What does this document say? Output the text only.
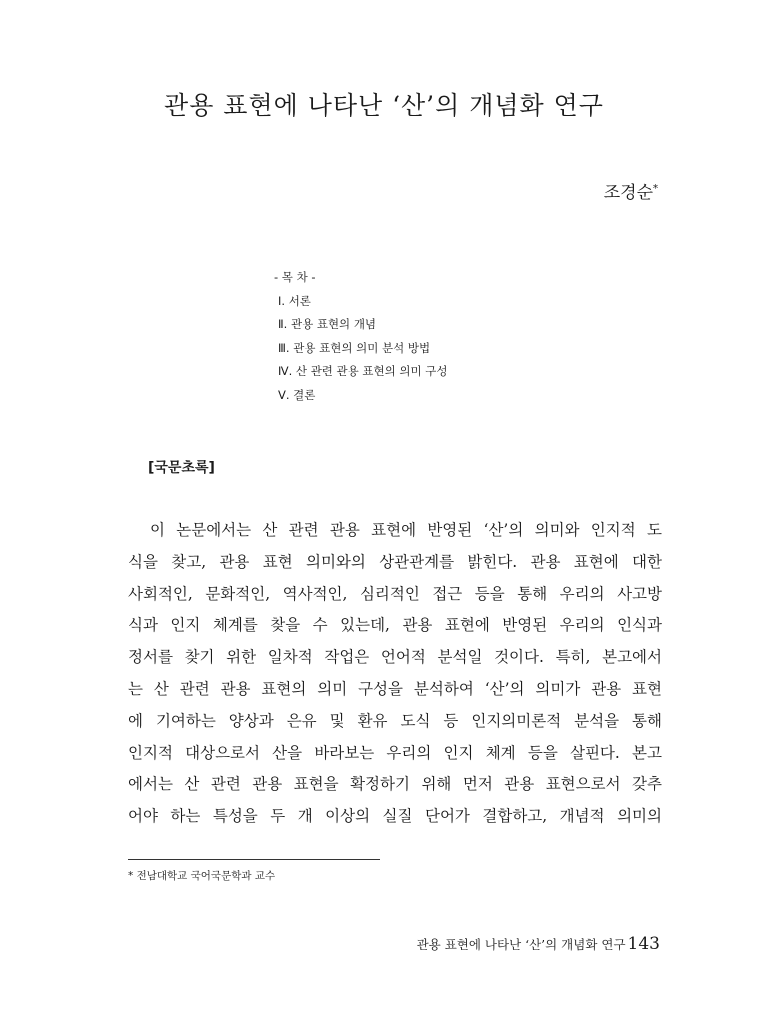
관용 표현에 나타난 ‘산’의 개념화 연구
조경순*
- 목 차 -
Ⅰ. 서론
Ⅱ. 관용 표현의 개념
Ⅲ. 관용 표현의 의미 분석 방법
Ⅳ. 산 관련 관용 표현의 의미 구성
Ⅴ. 결론
[국문초록]

이 논문에서는 산 관련 관용 표현에 반영된 ‘산’의 의미와 인지적 도
식을 찾고, 관용 표현 의미와의 상관관계를 밝힌다. 관용 표현에 대한
사회적인, 문화적인, 역사적인, 심리적인 접근 등을 통해 우리의 사고방
식과 인지 체계를 찾을 수 있는데, 관용 표현에 반영된 우리의 인식과
정서를 찾기 위한 일차적 작업은 언어적 분석일 것이다. 특히, 본고에서
는 산 관련 관용 표현의 의미 구성을 분석하여 ‘산’의 의미가 관용 표현
에 기여하는 양상과 은유 및 환유 도식 등 인지의미론적 분석을 통해
인지적 대상으로서 산을 바라보는 우리의 인지 체계 등을 살핀다. 본고
에서는 산 관련 관용 표현을 확정하기 위해 먼저 관용 표현으로서 갖추
어야 하는 특성을 두 개 이상의 실질 단어가 결합하고, 개념적 의미의

* 전남대학교 국어국문학과 교수
관용 표현에 나타난 ‘산’의 개념화 연구 143
